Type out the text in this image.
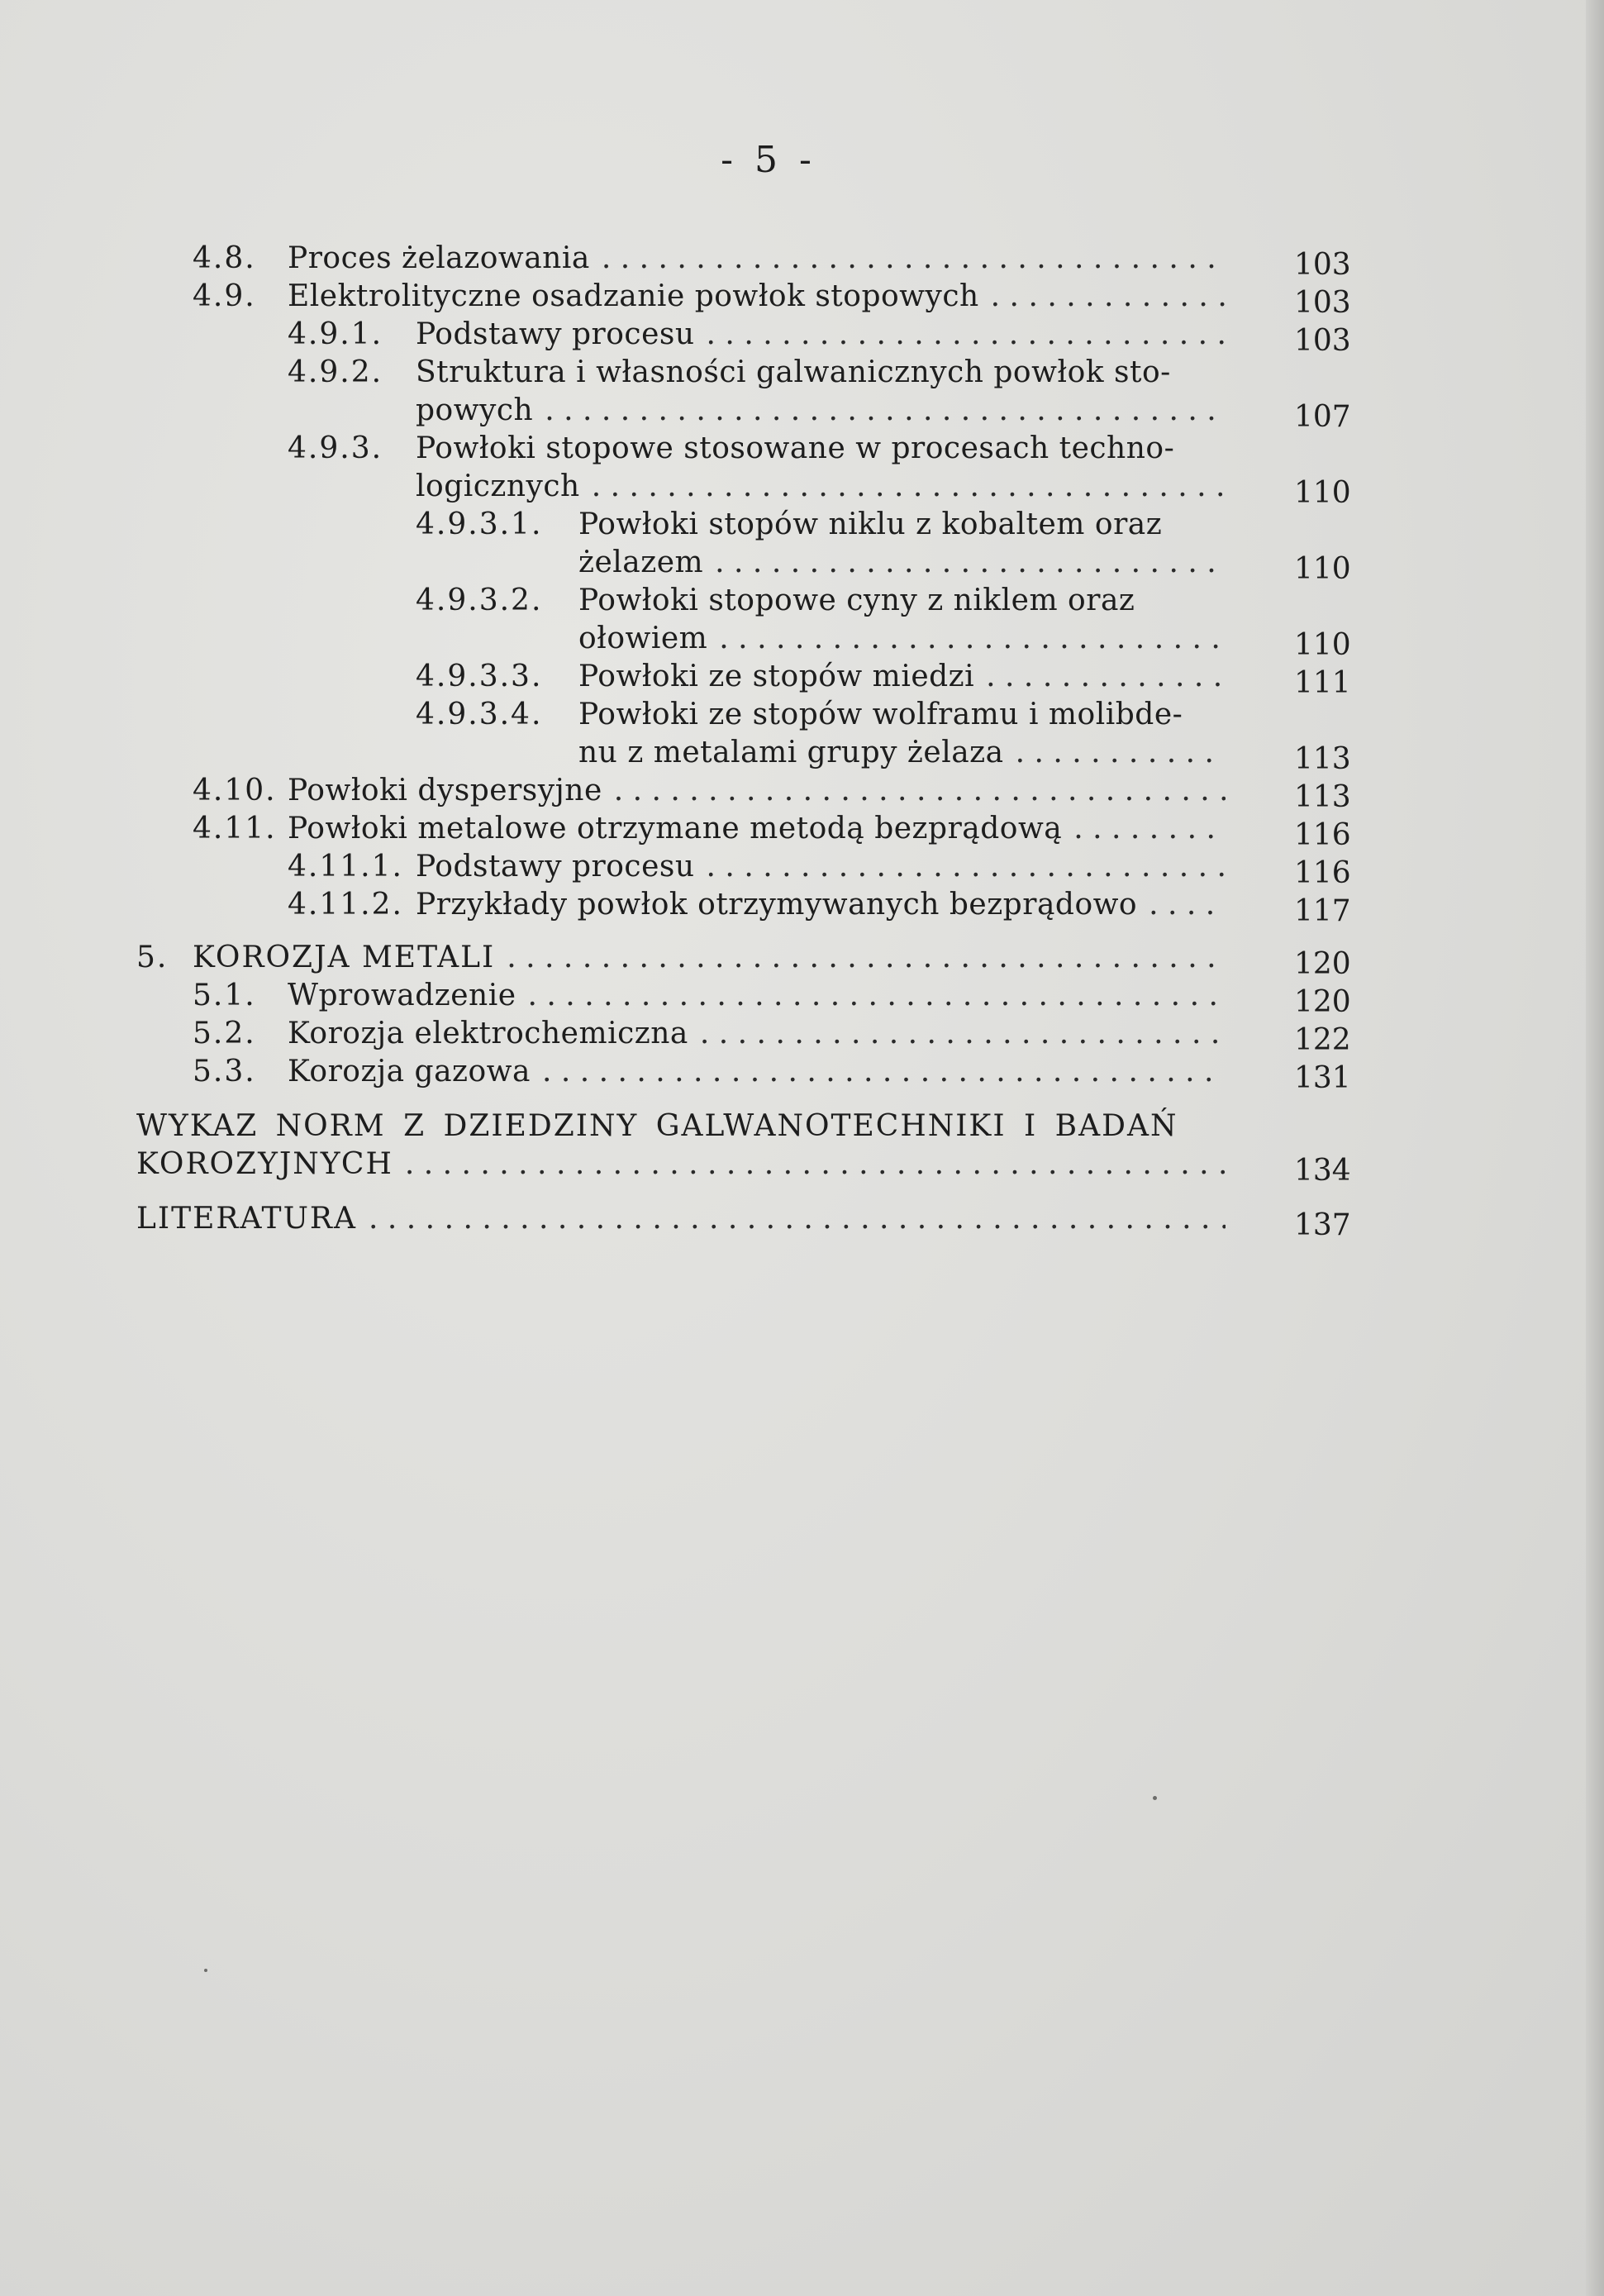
- 5 -
4.8.	Proces żelazowania . . .	103
4.9.	Elektrolityczne osadzanie powłok stopowych . . .	103
4.9.1.	Podstawy procesu . . .	103
4.9.2.	Struktura i własności galwanicznych powłok sto-
powych . . .	107
4.9.3.	Powłoki stopowe stosowane w procesach techno-
logicznych . . .	110
4.9.3.1.	Powłoki stopów niklu z kobaltem oraz
żelazem . . .	110
4.9.3.2.	Powłoki stopowe cyny z niklem oraz
ołowiem . . .	110
4.9.3.3.	Powłoki ze stopów miedzi . . .	111
4.9.3.4.	Powłoki ze stopów wolframu i molibde-
nu z metalami grupy żelaza . . .	113
4.10. Powłoki dyspersyjne . . .	113
4.11. Powłoki metalowe otrzymane metodą bezprądową . . .	116
4.11.1. Podstawy procesu . . .	116
4.11.2. Przykłady powłok otrzymywanych bezprądowo . . .	117
5. KOROZJA METALI . . .	120
5.1.	Wprowadzenie . . .	120
5.2.	Korozja elektrochemiczna . . .	122
5.3.	Korozja gazowa . . .	131
WYKAZ NORM Z DZIEDZINY GALWANOTECHNIKI I BADAŃ
KOROZYJNYCH . . .	134
LITERATURA . . .	137
